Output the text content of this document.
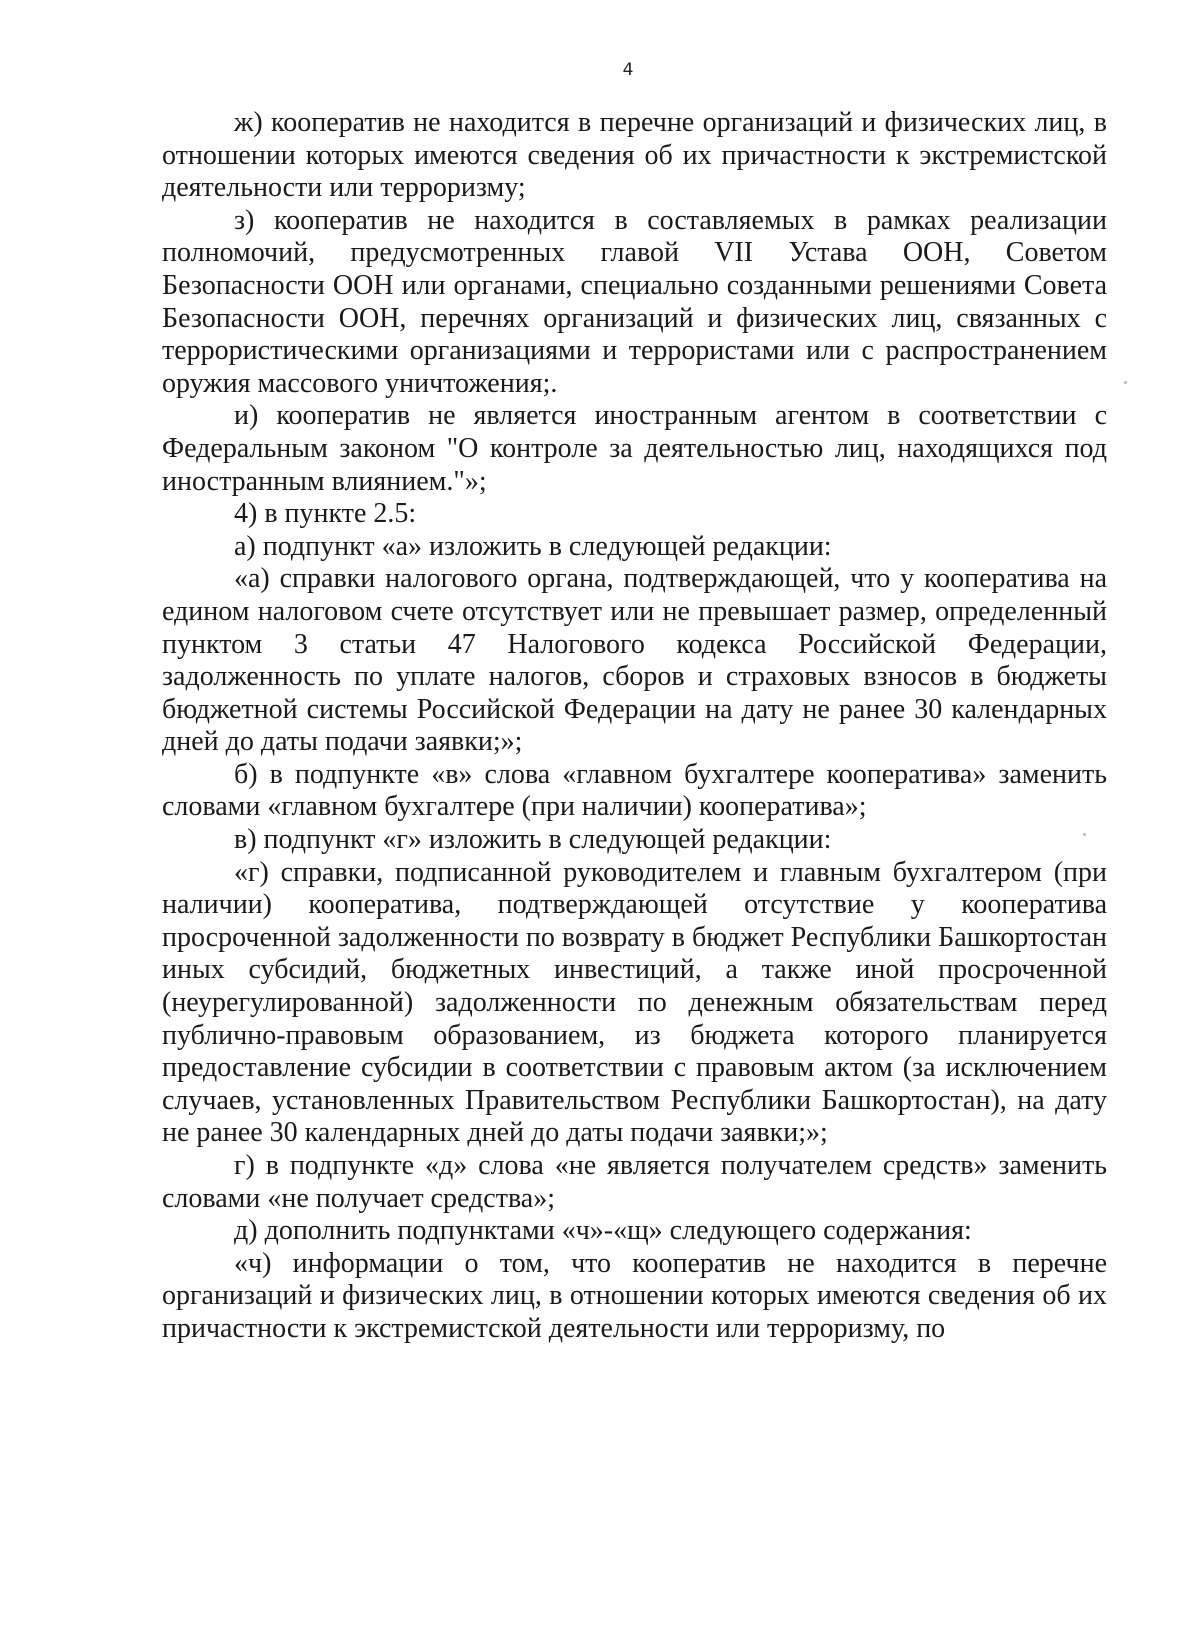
4

ж) кооператив не находится в перечне организаций и физических лиц, в отношении которых имеются сведения об их причастности к экстремистской деятельности или терроризму;

з) кооператив не находится в составляемых в рамках реализации полномочий, предусмотренных главой VII Устава ООН, Советом Безопасности ООН или органами, специально созданными решениями Совета Безопасности ООН, перечнях организаций и физических лиц, связанных с террористическими организациями и террористами или с распространением оружия массового уничтожения;.

и) кооператив не является иностранным агентом в соответствии с Федеральным законом "О контроле за деятельностью лиц, находящихся под иностранным влиянием."»;

4) в пункте 2.5:

а) подпункт «а» изложить в следующей редакции:

«а) справки налогового органа, подтверждающей, что у кооператива на едином налоговом счете отсутствует или не превышает размер, определенный пунктом 3 статьи 47 Налогового кодекса Российской Федерации, задолженность по уплате налогов, сборов и страховых взносов в бюджеты бюджетной системы Российской Федерации на дату не ранее 30 календарных дней до даты подачи заявки;»;

б) в подпункте «в» слова «главном бухгалтере кооператива» заменить словами «главном бухгалтере (при наличии) кооператива»;

в) подпункт «г» изложить в следующей редакции:

«г) справки, подписанной руководителем и главным бухгалтером (при наличии) кооператива, подтверждающей отсутствие у кооператива просроченной задолженности по возврату в бюджет Республики Башкортостан иных субсидий, бюджетных инвестиций, а также иной просроченной (неурегулированной) задолженности по денежным обязательствам перед публично-правовым образованием, из бюджета которого планируется предоставление субсидии в соответствии с правовым актом (за исключением случаев, установленных Правительством Республики Башкортостан), на дату не ранее 30 календарных дней до даты подачи заявки;»;

г) в подпункте «д» слова «не является получателем средств» заменить словами «не получает средства»;

д) дополнить подпунктами «ч»-«щ» следующего содержания:

«ч) информации о том, что кооператив не находится в перечне организаций и физических лиц, в отношении которых имеются сведения об их причастности к экстремистской деятельности или терроризму, по
